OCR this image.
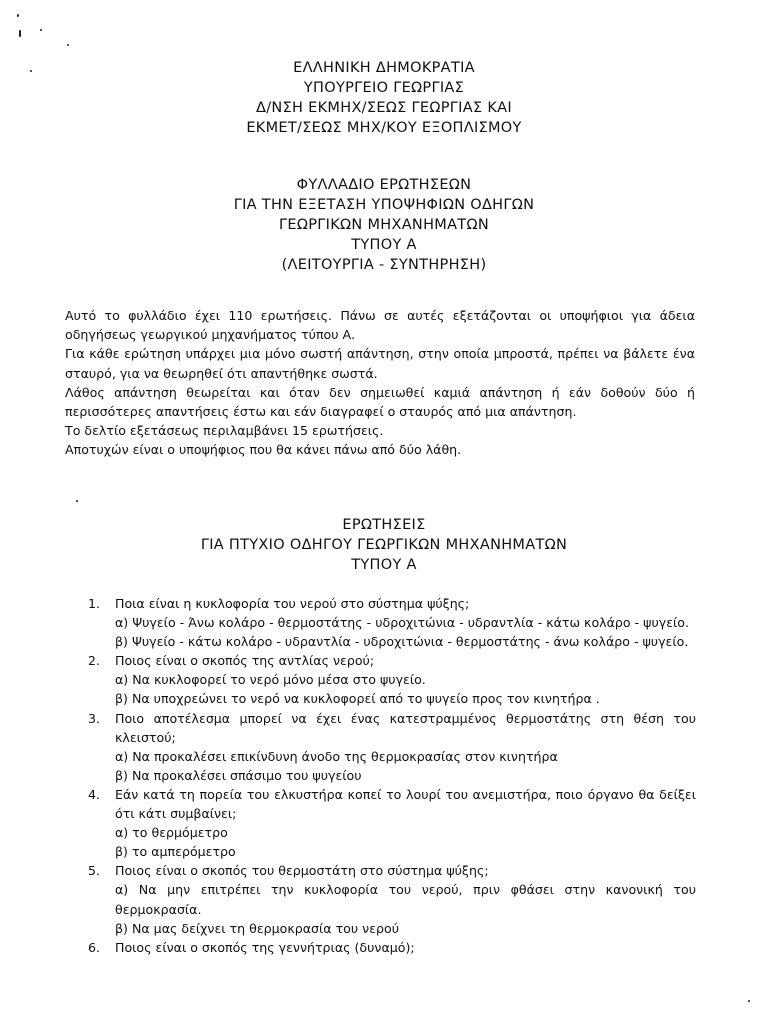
ΕΛΛΗΝΙΚΗ ΔΗΜΟΚΡΑΤΙΑ
ΥΠΟΥΡΓΕΙΟ ΓΕΩΡΓΙΑΣ
Δ/ΝΣΗ ΕΚΜΗΧ/ΣΕΩΣ ΓΕΩΡΓΙΑΣ ΚΑΙ
ΕΚΜΕΤ/ΣΕΩΣ ΜΗΧ/ΚΟΥ ΕΞΟΠΛΙΣΜΟΥ
ΦΥΛΛΑΔΙΟ ΕΡΩΤΗΣΕΩΝ
ΓΙΑ ΤΗΝ ΕΞΕΤΑΣΗ ΥΠΟΨΗΦΙΩΝ ΟΔΗΓΩΝ
ΓΕΩΡΓΙΚΩΝ ΜΗΧΑΝΗΜΑΤΩΝ
ΤΥΠΟΥ Α
(ΛΕΙΤΟΥΡΓΙΑ - ΣΥΝΤΗΡΗΣΗ)

Αυτό το φυλλάδιο έχει 110 ερωτήσεις. Πάνω σε αυτές εξετάζονται οι υποψήφιοι για άδεια οδηγήσεως γεωργικού μηχανήματος τύπου Α.

Για κάθε ερώτηση υπάρχει μια μόνο σωστή απάντηση, στην οποία μπροστά, πρέπει να βάλετε ένα σταυρό, για να θεωρηθεί ότι απαντήθηκε σωστά.

Λάθος απάντηση θεωρείται και όταν δεν σημειωθεί καμιά απάντηση ή εάν δοθούν δύο ή περισσότερες απαντήσεις έστω και εάν διαγραφεί ο σταυρός από μια απάντηση.

Το δελτίο εξετάσεως περιλαμβάνει 15 ερωτήσεις.

Αποτυχών είναι ο υποψήφιος που θα κάνει πάνω από δύο λάθη.

ΕΡΩΤΗΣΕΙΣ
ΓΙΑ ΠΤΥΧΙΟ ΟΔΗΓΟΥ ΓΕΩΡΓΙΚΩΝ ΜΗΧΑΝΗΜΑΤΩΝ
ΤΥΠΟΥ Α
1. Ποια είναι η κυκλοφορία του νερού στο σύστημα ψύξης;
α) Ψυγείο - Άνω κολάρο - θερμοστάτης - υδροχιτώνια - υδραντλία - κάτω κολάρο - ψυγείο.
β) Ψυγείο - κάτω κολάρο - υδραντλία - υδροχιτώνια - θερμοστάτης - άνω κολάρο - ψυγείο.
2. Ποιος είναι ο σκοπός της αντλίας νερού;
α) Να κυκλοφορεί το νερό μόνο μέσα στο ψυγείο.
β) Να υποχρεώνει το νερό να κυκλοφορεί από το ψυγείο προς τον κινητήρα .
3. Ποιο αποτέλεσμα μπορεί να έχει ένας κατεστραμμένος θερμοστάτης στη θέση του κλειστού;
α) Να προκαλέσει επικίνδυνη άνοδο της θερμοκρασίας στον κινητήρα
β) Να προκαλέσει σπάσιμο του ψυγείου
4. Εάν κατά τη πορεία του ελκυστήρα κοπεί το λουρί του ανεμιστήρα, ποιο όργανο θα δείξει ότι κάτι συμβαίνει;
α) το θερμόμετρο
β) το αμπερόμετρο
5. Ποιος είναι ο σκοπός του θερμοστάτη στο σύστημα ψύξης;
α) Να μην επιτρέπει την κυκλοφορία του νερού, πριν φθάσει στην κανονική του θερμοκρασία.
β) Να μας δείχνει τη θερμοκρασία του νερού
6. Ποιος είναι ο σκοπός της γεννήτριας (δυναμό);
